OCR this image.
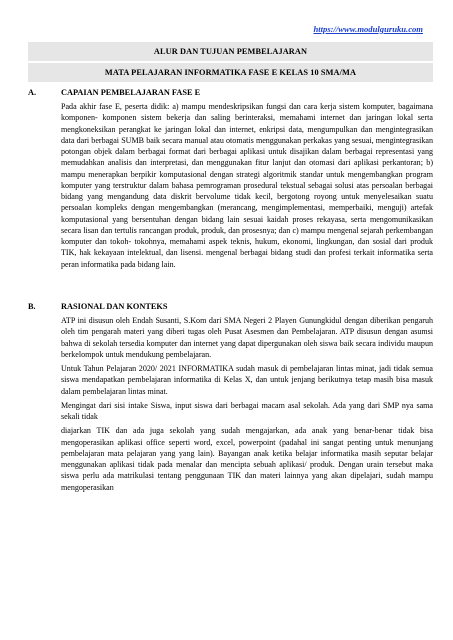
https://www.modulguruku.com
ALUR DAN TUJUAN PEMBELAJARAN
MATA PELAJARAN INFORMATIKA FASE E KELAS 10 SMA/MA
A.	CAPAIAN PEMBELAJARAN FASE E

Pada akhir fase E, peserta didik: a) mampu mendeskripsikan fungsi dan cara kerja sistem komputer, bagaimana komponen- komponen sistem bekerja dan saling berinteraksi, memahami internet dan jaringan lokal serta mengkoneksikan perangkat ke jaringan lokal dan internet, enkripsi data, mengumpulkan dan mengintegrasikan data dari berbagai SUMB baik secara manual atau otomatis menggunakan perkakas yang sesuai, mengintegrasikan potongan objek dalam berbagai format dari berbagai aplikasi untuk disajikan dalam berbagai representasi yang memudahkan analisis dan interpretasi, dan menggunakan fitur lanjut dan otomasi dari aplikasi perkantoran; b) mampu menerapkan berpikir komputasional dengan strategi algoritmik standar untuk mengembangkan program komputer yang terstruktur dalam bahasa pemrograman prosedural tekstual sebagai solusi atas persoalan berbagai bidang yang mengandung data diskrit bervolume tidak kecil, bergotong royong untuk menyelesaikan suatu persoalan kompleks dengan mengembangkan (merancang, mengimplementasi, memperbaiki, menguji) artefak komputasional yang bersentuhan dengan bidang lain sesuai kaidah proses rekayasa, serta mengomunikasikan secara lisan dan tertulis rancangan produk, produk, dan prosesnya; dan c) mampu mengenal sejarah perkembangan komputer dan tokoh- tokohnya, memahami aspek teknis, hukum, ekonomi, lingkungan, dan sosial dari produk TIK, hak kekayaan intelektual, dan lisensi. mengenal berbagai bidang studi dan profesi terkait informatika serta peran informatika pada bidang lain.

B.	RASIONAL DAN KONTEKS

ATP ini disusun oleh Endah Susanti, S.Kom dari SMA Negeri 2 Playen Gunungkidul dengan diberikan pengaruh oleh tim pengarah materi yang diberi tugas oleh Pusat Asesmen dan Pembelajaran. ATP disusun dengan asumsi bahwa di sekolah tersedia komputer dan internet yang dapat dipergunakan oleh siswa baik secara individu maupun berkelompok untuk mendukung pembelajaran.

Untuk Tahun Pelajaran 2020/ 2021 INFORMATIKA sudah masuk di pembelajaran lintas minat, jadi tidak semua siswa mendapatkan pembelajaran informatika di Kelas X, dan untuk jenjang berikutnya tetap masih bisa masuk dalam pembelajaran lintas minat.

Mengingat dari sisi intake Siswa, input siswa dari berbagai macam asal sekolah. Ada yang dari SMP nya sama sekali tidak

diajarkan TIK dan ada juga sekolah yang sudah mengajarkan, ada anak yang benar-benar tidak bisa mengoperasikan aplikasi office seperti word, excel, powerpoint (padahal ini sangat penting untuk menunjang pembelajaran mata pelajaran yang yang lain). Bayangan anak ketika belajar informatika masih seputar belajar menggunakan aplikasi tidak pada menalar dan mencipta sebuah aplikasi/ produk. Dengan urain tersebut maka siswa perlu ada matrikulasi tentang penggunaan TIK dan materi lainnya yang akan dipelajari, sudah mampu mengoperasikan
